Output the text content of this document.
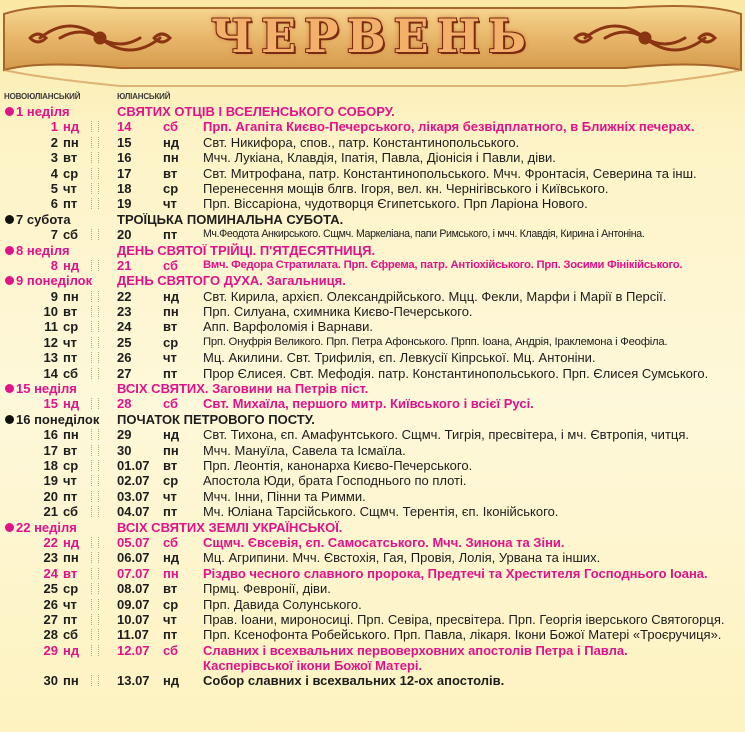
ЧЕРВЕНЬ
НОВОЮЛІАНСЬКИЙ	ЮЛІАНСЬКИЙ
1 неділя	СВЯТИХ ОТЦІВ І ВСЕЛЕНСЬКОГО СОБОРУ.
1 нд	14 сб Прп. Агапіта Києво-Печерського, лікаря безвідплатного, в Ближніх печерах.
2 пн	15 нд Свт. Никифора, спов., патр. Константинопольського.
3 вт	16 пн Мчч. Лукіана, Клавдія, Іпатія, Павла, Діонісія і Павли, діви.
4 ср	17 вт Свт. Митрофана, патр. Константинопольського. Мчч. Фронтасія, Северина та інш.
5 чт	18 ср Перенесення мощів блгв. Ігоря, вел. кн. Чернігівського і Київського.
6 пт	19 чт Прп. Віссаріона, чудотворця Єгипетського. Прп Ларіона Нового.
7 субота	ТРОЇЦЬКА ПОМИНАЛЬНА СУБОТА.
7 сб	20 пт Мч.Феодота Анкирського. Сщмч. Маркеліана, папи Римського, і мчч. Клавдія, Кирина і Антоніна.
8 неділя	ДЕНЬ СВЯТОЇ ТРІЙЦІ. П'ЯТДЕСЯТНИЦЯ.
8 нд	21 сб Вмч. Федора Стратилата. Прп. Єфрема, патр. Антіохійського. Прп. Зосими Фінікійського.
9 понеділок ДЕНЬ СВЯТОГО ДУХА. Загальниця.
9 пн	22 нд Свт. Кирила, архієп. Олександрійського. Мцц. Фекли, Марфи і Марії в Персії.
10 вт	23 пн Прп. Силуана, схимника Києво-Печерського.
11 ср	24 вт Апп. Варфоломія і Варнави.
12 чт	25 ср Прп. Онуфрія Великого. Прп. Петра Афонського. Прпп. Іоана, Андрія, Іраклемона і Феофіла.
13 пт	26 чт Мц. Акилини. Свт. Трифилія, єп. Левкусії Кіпрської. Мц. Антоніни.
14 сб	27 пт Прор Єлисея. Свт. Мефодія. патр. Константинопольського. Прп. Єлисея Сумського.
15 неділя	ВСІХ СВЯТИХ. Заговини на Петрів піст.
15 нд	28 сб Свт. Михаїла, першого митр. Київського і всієї Русі.
16 понеділок ПОЧАТОК ПЕТРОВОГО ПОСТУ.
16 пн	29 нд Свт. Тихона, єп. Амафунтського. Сщмч. Тигрія, пресвітера, і мч. Євтропія, читця.
17 вт	30 пн Мчч. Мануїла, Савела та Ісмаїла.
18 ср	01.07 вт Прп. Леонтія, канонарха Києво-Печерського.
19 чт	02.07 ср Апостола Юди, брата Господнього по плоті.
20 пт	03.07 чт Мчч. Інни, Пінни та Римми.
21 сб	04.07 пт Мч. Юліана Тарсійського. Сщмч. Терентія, єп. Іконійського.
22 неділя	ВСІХ СВЯТИХ ЗЕМЛІ УКРАЇНСЬКОЇ.
22 нд	05.07 сб Сщмч. Євсевія, єп. Самосатського. Мчч. Зинона та Зіни.
23 пн	06.07 нд Мц. Агрипини. Мчч. Євстохія, Гая, Провія, Лолія, Урвана та інших.
24 вт	07.07 пн Різдво чесного славного пророка, Предтечі та Хрестителя Господнього Іоана.
25 ср	08.07 вт Прмц. Февронії, діви.
26 чт	09.07 ср Прп. Давида Солунського.
27 пт	10.07 чт Прав. Іоани, мироносиці. Прп. Севіра, пресвітера. Прп. Георгія іверського Святогорця.
28 сб	11.07 пт Прп. Ксенофонта Робейського. Прп. Павла, лікаря. Ікони Божої Матері «Троєручиця».
29 нд	12.07 сб Славних і всехвальних первоверховних апостолів Петра і Павла.
Касперівської ікони Божої Матері.
30 пн	13.07 нд Собор славних і всехвальних 12-ох апостолів.
